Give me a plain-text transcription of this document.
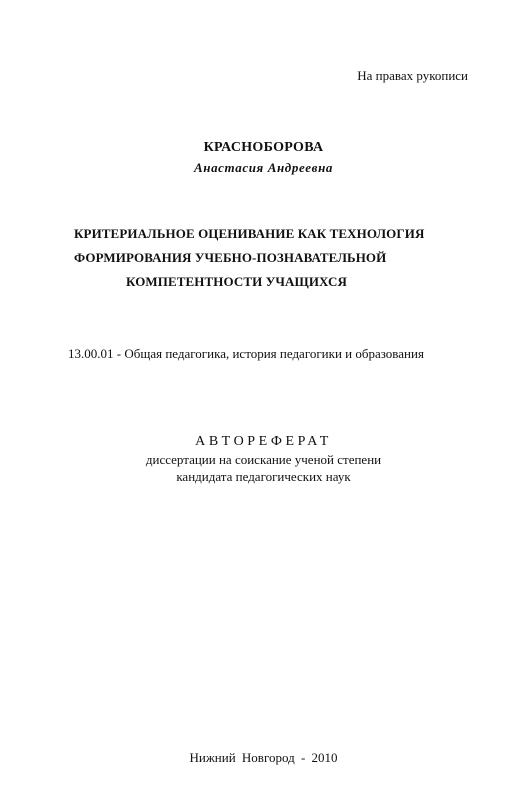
На правах рукописи
КРАСНОБОРОВА
Анастасия Андреевна
КРИТЕРИАЛЬНОЕ ОЦЕНИВАНИЕ КАК ТЕХНОЛОГИЯ
ФОРМИРОВАНИЯ УЧЕБНО-ПОЗНАВАТЕЛЬНОЙ
КОМПЕТЕНТНОСТИ УЧАЩИХСЯ
13.00.01 - Общая педагогика, история педагогики и образования
АВТОРЕФЕРАТ
диссертации на соискание ученой степени
кандидата педагогических наук
Нижний Новгород - 2010
